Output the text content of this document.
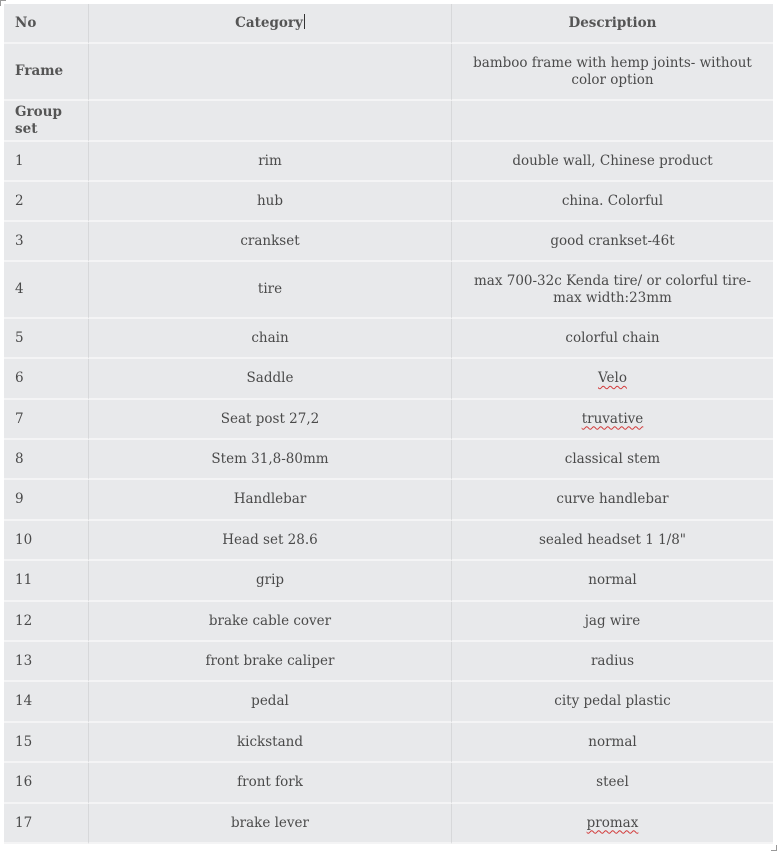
No	Category	Description
Frame		bamboo frame with hemp joints- without color option
Group set		
1	rim	double wall, Chinese product
2	hub	china. Colorful
3	crankset	good crankset-46t
4	tire	max 700-32c Kenda tire/ or colorful tire- max width:23mm
5	chain	colorful chain
6	Saddle	Velo
7	Seat post 27,2	truvative
8	Stem 31,8-80mm	classical stem
9	Handlebar	curve handlebar
10	Head set 28.6	sealed headset 1 1/8"
11	grip	normal
12	brake cable cover	jag wire
13	front brake caliper	radius
14	pedal	city pedal plastic
15	kickstand	normal
16	front fork	steel
17	brake lever	promax
